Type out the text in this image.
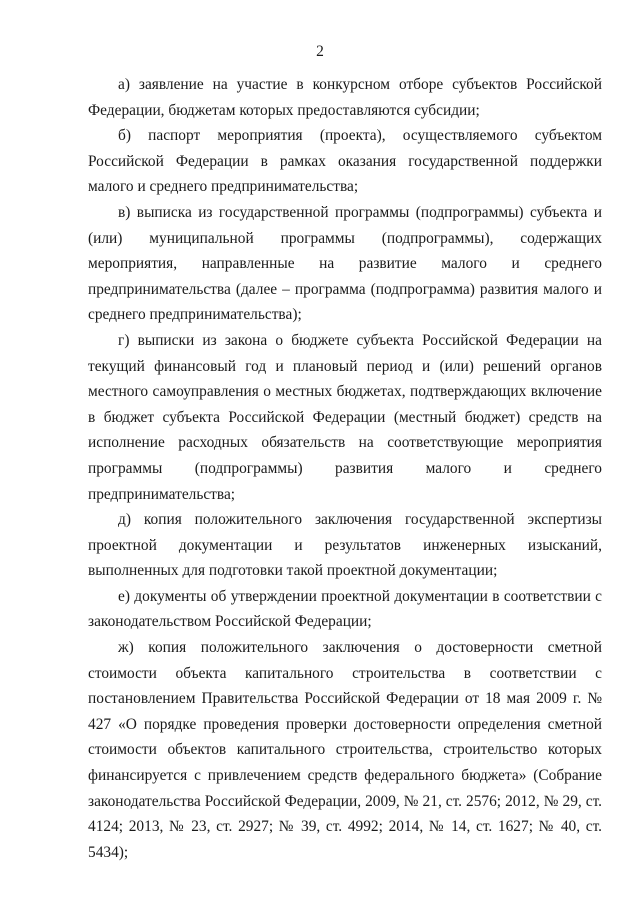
2

а) заявление на участие в конкурсном отборе субъектов Российской Федерации, бюджетам которых предоставляются субсидии;

б) паспорт мероприятия (проекта), осуществляемого субъектом Российской Федерации в рамках оказания государственной поддержки малого и среднего предпринимательства;

в) выписка из государственной программы (подпрограммы) субъекта и (или) муниципальной программы (подпрограммы), содержащих мероприятия, направленные на развитие малого и среднего предпринимательства (далее – программа (подпрограмма) развития малого и среднего предпринимательства);

г) выписки из закона о бюджете субъекта Российской Федерации на текущий финансовый год и плановый период и (или) решений органов местного самоуправления о местных бюджетах, подтверждающих включение в бюджет субъекта Российской Федерации (местный бюджет) средств на исполнение расходных обязательств на соответствующие мероприятия программы (подпрограммы) развития малого и среднего предпринимательства;

д) копия положительного заключения государственной экспертизы проектной документации и результатов инженерных изысканий, выполненных для подготовки такой проектной документации;

е) документы об утверждении проектной документации в соответствии с законодательством Российской Федерации;

ж) копия положительного заключения о достоверности сметной стоимости объекта капитального строительства в соответствии с постановлением Правительства Российской Федерации от 18 мая 2009 г. № 427 «О порядке проведения проверки достоверности определения сметной стоимости объектов капитального строительства, строительство которых финансируется с привлечением средств федерального бюджета» (Собрание законодательства Российской Федерации, 2009, № 21, ст. 2576; 2012, № 29, ст. 4124; 2013, № 23, ст. 2927; № 39, ст. 4992; 2014, № 14, ст. 1627; № 40, ст. 5434);
